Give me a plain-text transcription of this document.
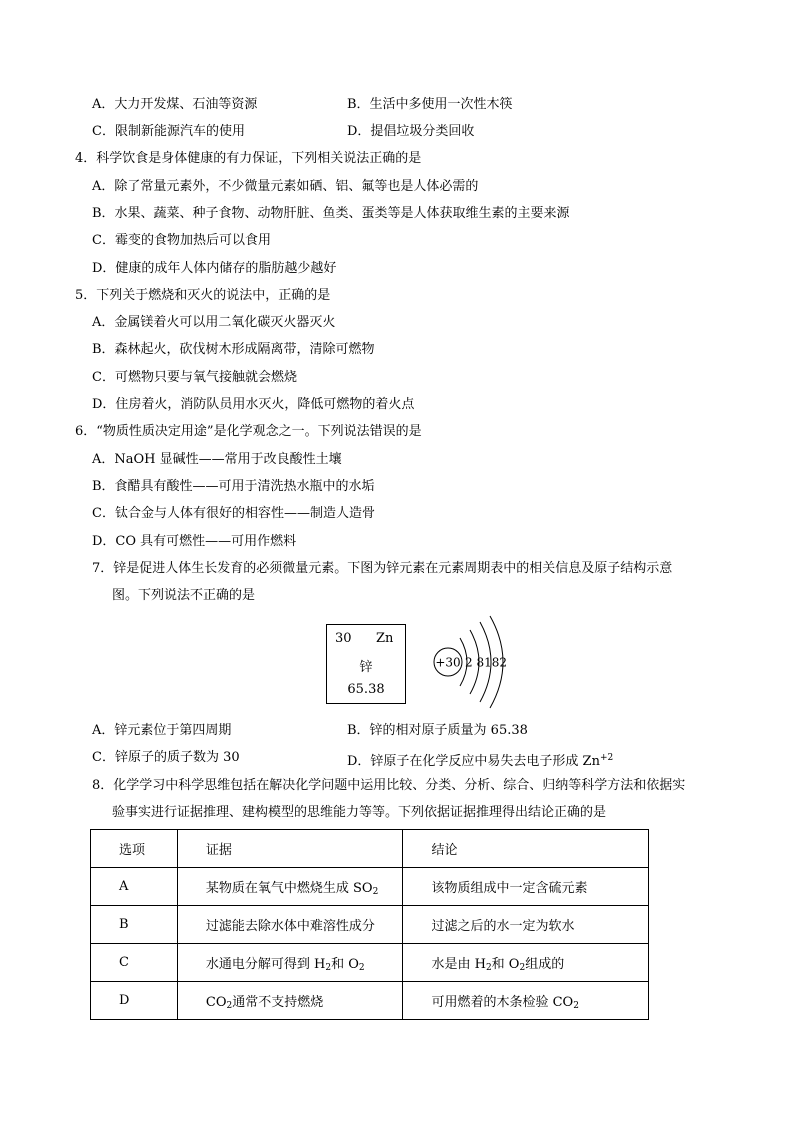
A．大力开发煤、石油等资源	B．生活中多使用一次性木筷
C．限制新能源汽车的使用	D．提倡垃圾分类回收
4．科学饮食是身体健康的有力保证，下列相关说法正确的是
A．除了常量元素外，不少微量元素如硒、铝、氟等也是人体必需的
B．水果、蔬菜、种子食物、动物肝脏、鱼类、蛋类等是人体获取维生素的主要来源
C．霉变的食物加热后可以食用
D．健康的成年人体内储存的脂肪越少越好
5．下列关于燃烧和灭火的说法中，正确的是
A．金属镁着火可以用二氧化碳灭火器灭火
B．森林起火，砍伐树木形成隔离带，清除可燃物
C．可燃物只要与氧气接触就会燃烧
D．住房着火，消防队员用水灭火，降低可燃物的着火点
6．“物质性质决定用途”是化学观念之一。下列说法错误的是
A．NaOH 显碱性——常用于改良酸性土壤
B．食醋具有酸性——可用于清洗热水瓶中的水垢
C．钛合金与人体有很好的相容性——制造人造骨
D．CO 具有可燃性——可用作燃料
7．锌是促进人体生长发育的必须微量元素。下图为锌元素在元素周期表中的相关信息及原子结构示意
图。下列说法不正确的是
30 Zn
锌
65.38
+30 2 8182
A．锌元素位于第四周期	B．锌的相对原子质量为 65.38
C．锌原子的质子数为 30	D．锌原子在化学反应中易失去电子形成 $Zn^{+2}$
8．化学学习中科学思维包括在解决化学问题中运用比较、分类、分析、综合、归纳等科学方法和依据实
验事实进行证据推理、建构模型的思维能力等等。下列依据证据推理得出结论正确的是
选项	证据	结论
A	某物质在氧气中燃烧生成 $SO_2$	该物质组成中一定含硫元素
B	过滤能去除水体中难溶性成分	过滤之后的水一定为软水
C	水通电分解可得到 $H_2$和 $O_2$	水是由 $H_2$和 $O_2$组成的
D	$CO_2$通常不支持燃烧	可用燃着的木条检验 $CO_2$
